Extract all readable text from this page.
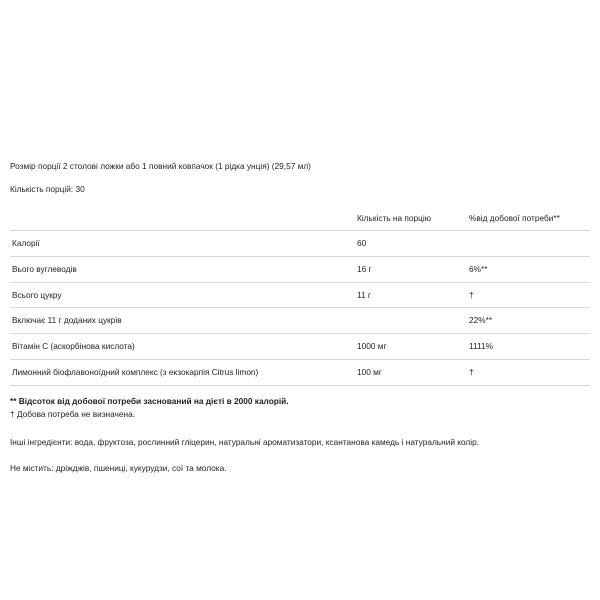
Розмір порції 2 столові ложки або 1 повний ковпачок (1 рідка унція) (29,57 мл)
Кількість порцій: 30
	Кількість на порцію	%від добової потреби**
Калорії	60	
Вього вуглеводів	16 г	6%**
Всього цукру	11 г	†
Включає 11 г доданих цукрів		22%**
Вітамін С (аскорбінова кислота)	1000 мг	1111%
Лимонний біофлавоноїдний комплекс (з екзокарпія Citrus limon)	100 мг	†
** Відсоток від добової потреби заснований на дієті в 2000 калорій.
† Добова потреба не визначена.
Інші інгредієнти: вода, фруктоза, рослинний гліцерин, натуральні ароматизатори, ксантанова камедь і натуральний колір.
Не містить: дріжджів, пшениці, кукурудзи, сої та молока.
